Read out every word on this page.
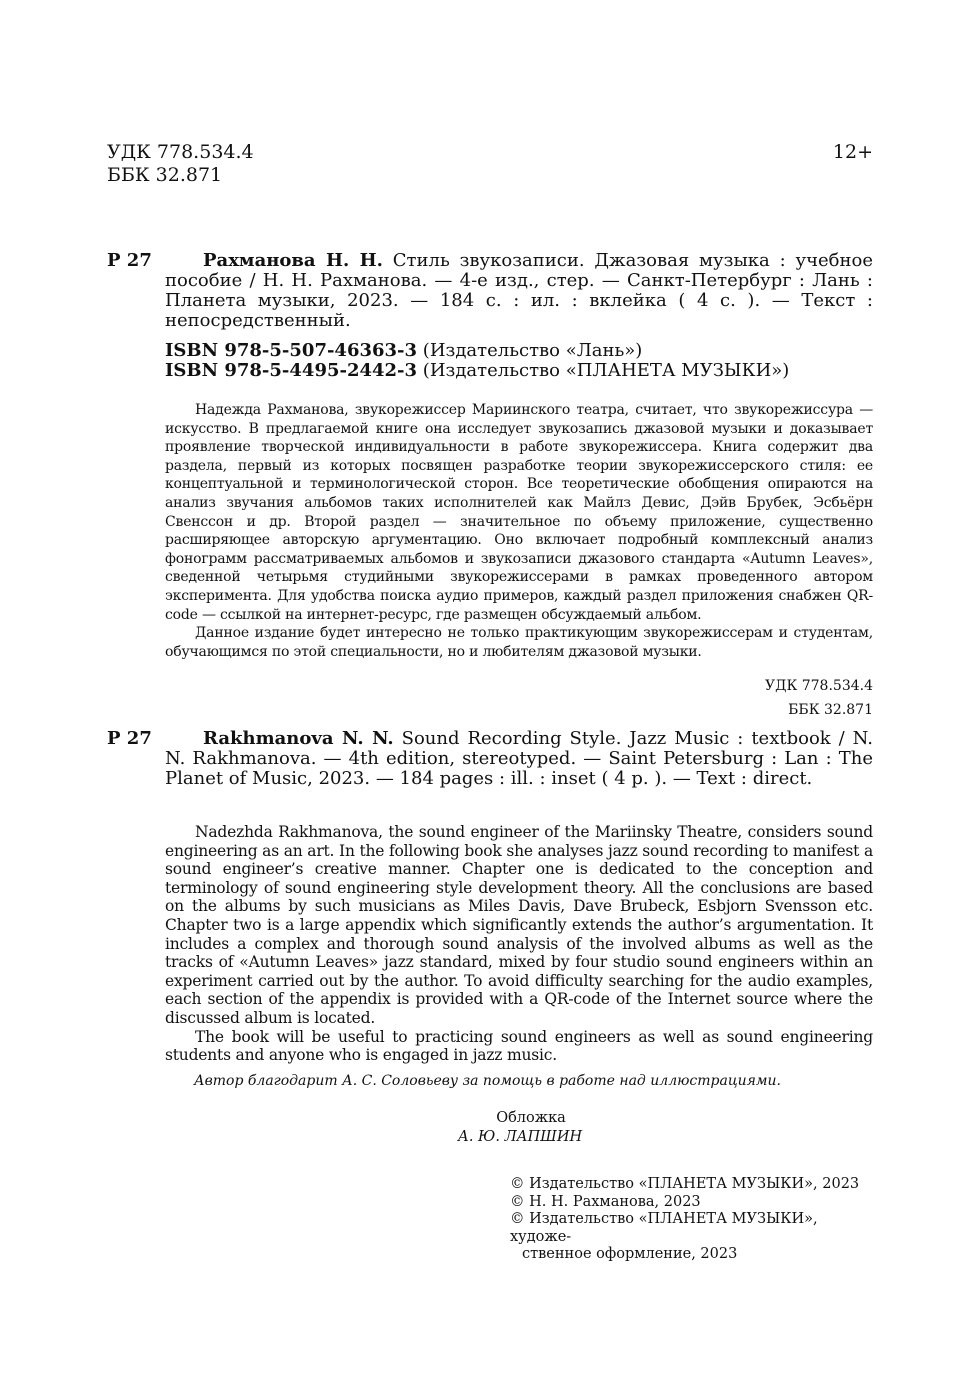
УДК 778.534.4
ББК 32.871
12+
Р 27	Рахманова Н. Н. Стиль звукозаписи. Джазовая музыка : учебное пособие / Н. Н. Рахманова. — 4-е изд., стер. — Санкт-Петербург : Лань : Планета музыки, 2023. — 184 с. : ил. : вклейка ( 4 с. ). — Текст : непосредственный.
ISBN 978-5-507-46363-3 (Издательство «Лань»)
ISBN 978-5-4495-2442-3 (Издательство «ПЛАНЕТА МУЗЫКИ»)

Надежда Рахманова, звукорежиссер Мариинского театра, считает, что звукорежиссура — искусство. В предлагаемой книге она исследует звукозапись джазовой музыки и доказывает проявление творческой индивидуальности в работе звукорежиссера. Книга содержит два раздела, первый из которых посвящен разработке теории звукорежиссерского стиля: ее концептуальной и терминологической сторон. Все теоретические обобщения опираются на анализ звучания альбомов таких исполнителей как Майлз Девис, Дэйв Брубек, Эсбьёрн Свенссон и др. Второй раздел — значительное по объему приложение, существенно расширяющее авторскую аргументацию. Оно включает подробный комплексный анализ фонограмм рассматриваемых альбомов и звукозаписи джазового стандарта «Autumn Leaves», сведенной четырьмя студийными звукорежиссерами в рамках проведенного автором эксперимента. Для удобства поиска аудио примеров, каждый раздел приложения снабжен QR-code — ссылкой на интернет-ресурс, где размещен обсуждаемый альбом.

Данное издание будет интересно не только практикующим звукорежиссерам и студентам, обучающимся по этой специальности, но и любителям джазовой музыки.

УДК 778.534.4
ББК 32.871
Р 27	Rakhmanova N. N. Sound Recording Style. Jazz Music : textbook / N. N. Rakhmanova. — 4th edition, stereotyped. — Saint Petersburg : Lan : The Planet of Music, 2023. — 184 pages : ill. : inset ( 4 p. ). — Text : direct.

Nadezhda Rakhmanova, the sound engineer of the Mariinsky Theatre, considers sound engineering as an art. In the following book she analyses jazz sound recording to manifest a sound engineer’s creative manner. Chapter one is dedicated to the conception and terminology of sound engineering style development theory. All the conclusions are based on the albums by such musicians as Miles Davis, Dave Brubeck, Esbjorn Svensson etc. Chapter two is a large appendix which significantly extends the author’s argumentation. It includes a complex and thorough sound analysis of the involved albums as well as the tracks of «Autumn Leaves» jazz standard, mixed by four studio sound engineers within an experiment carried out by the author. To avoid difficulty searching for the audio examples, each section of the appendix is provided with a QR-code of the Internet source where the discussed album is located.

The book will be useful to practicing sound engineers as well as sound engineering students and anyone who is engaged in jazz music.

Автор благодарит А. С. Соловьеву за помощь в работе над иллюстрациями.
Обложка
А. Ю. ЛАПШИН
© Издательство «ПЛАНЕТА МУЗЫКИ», 2023
© Н. Н. Рахманова, 2023
© Издательство «ПЛАНЕТА МУЗЫКИ», художе-
ственное оформление, 2023
